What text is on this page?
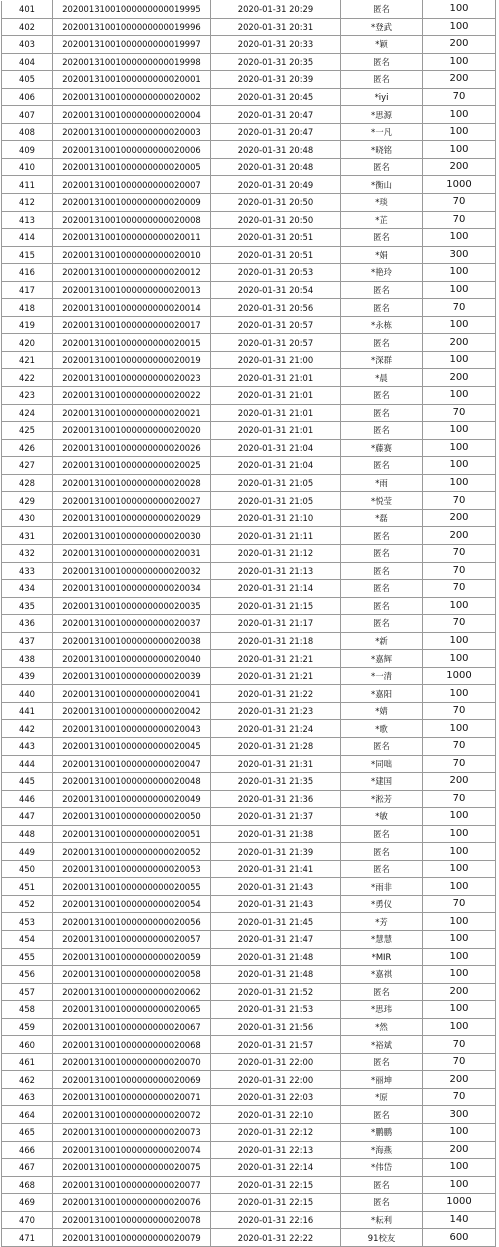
401	20200131001000000000019995	2020-01-31 20:29	匿名	100
402	20200131001000000000019996	2020-01-31 20:31	*登武	100
403	20200131001000000000019997	2020-01-31 20:33	*颖	200
404	20200131001000000000019998	2020-01-31 20:35	匿名	100
405	20200131001000000000020001	2020-01-31 20:39	匿名	200
406	20200131001000000000020002	2020-01-31 20:45	*iyi	70
407	20200131001000000000020004	2020-01-31 20:47	*思源	100
408	20200131001000000000020003	2020-01-31 20:47	*一凡	100
409	20200131001000000000020006	2020-01-31 20:48	*晓铭	100
410	20200131001000000000020005	2020-01-31 20:48	匿名	200
411	20200131001000000000020007	2020-01-31 20:49	*衡山	1000
412	20200131001000000000020009	2020-01-31 20:50	*琰	70
413	20200131001000000000020008	2020-01-31 20:50	*芷	70
414	20200131001000000000020011	2020-01-31 20:51	匿名	100
415	20200131001000000000020010	2020-01-31 20:51	*娟	300
416	20200131001000000000020012	2020-01-31 20:53	*艳玲	100
417	20200131001000000000020013	2020-01-31 20:54	匿名	100
418	20200131001000000000020014	2020-01-31 20:56	匿名	70
419	20200131001000000000020017	2020-01-31 20:57	*永栋	100
420	20200131001000000000020015	2020-01-31 20:57	匿名	200
421	20200131001000000000020019	2020-01-31 21:00	*深群	100
422	20200131001000000000020023	2020-01-31 21:01	*晨	200
423	20200131001000000000020022	2020-01-31 21:01	匿名	100
424	20200131001000000000020021	2020-01-31 21:01	匿名	70
425	20200131001000000000020020	2020-01-31 21:01	匿名	100
426	20200131001000000000020026	2020-01-31 21:04	*藤赛	100
427	20200131001000000000020025	2020-01-31 21:04	匿名	100
428	20200131001000000000020028	2020-01-31 21:05	*雨	100
429	20200131001000000000020027	2020-01-31 21:05	*悦莹	70
430	20200131001000000000020029	2020-01-31 21:10	*磊	200
431	20200131001000000000020030	2020-01-31 21:11	匿名	200
432	20200131001000000000020031	2020-01-31 21:12	匿名	70
433	20200131001000000000020032	2020-01-31 21:13	匿名	70
434	20200131001000000000020034	2020-01-31 21:14	匿名	70
435	20200131001000000000020035	2020-01-31 21:15	匿名	100
436	20200131001000000000020037	2020-01-31 21:17	匿名	70
437	20200131001000000000020038	2020-01-31 21:18	*新	100
438	20200131001000000000020040	2020-01-31 21:21	*嘉辉	100
439	20200131001000000000020039	2020-01-31 21:21	*一清	1000
440	20200131001000000000020041	2020-01-31 21:22	*嘉阳	100
441	20200131001000000000020042	2020-01-31 21:23	*婧	70
442	20200131001000000000020043	2020-01-31 21:24	*歌	100
443	20200131001000000000020045	2020-01-31 21:28	匿名	70
444	20200131001000000000020047	2020-01-31 21:31	*同咄	70
445	20200131001000000000020048	2020-01-31 21:35	*建国	200
446	20200131001000000000020049	2020-01-31 21:36	*淞芳	70
447	20200131001000000000020050	2020-01-31 21:37	*敏	100
448	20200131001000000000020051	2020-01-31 21:38	匿名	100
449	20200131001000000000020052	2020-01-31 21:39	匿名	100
450	20200131001000000000020053	2020-01-31 21:41	匿名	100
451	20200131001000000000020055	2020-01-31 21:43	*雨非	100
452	20200131001000000000020054	2020-01-31 21:43	*勇仪	70
453	20200131001000000000020056	2020-01-31 21:45	*芳	100
454	20200131001000000000020057	2020-01-31 21:47	*慧慧	100
455	20200131001000000000020059	2020-01-31 21:48	*MIR	100
456	20200131001000000000020058	2020-01-31 21:48	*嘉祺	100
457	20200131001000000000020062	2020-01-31 21:52	匿名	200
458	20200131001000000000020065	2020-01-31 21:53	*思玮	100
459	20200131001000000000020067	2020-01-31 21:56	*然	100
460	20200131001000000000020068	2020-01-31 21:57	*裕斌	70
461	20200131001000000000020070	2020-01-31 22:00	匿名	70
462	20200131001000000000020069	2020-01-31 22:00	*丽坤	200
463	20200131001000000000020071	2020-01-31 22:03	*原	70
464	20200131001000000000020072	2020-01-31 22:10	匿名	300
465	20200131001000000000020073	2020-01-31 22:12	*鹏鹏	100
466	20200131001000000000020074	2020-01-31 22:13	*海燕	200
467	20200131001000000000020075	2020-01-31 22:14	*伟岱	100
468	20200131001000000000020077	2020-01-31 22:15	匿名	100
469	20200131001000000000020076	2020-01-31 22:15	匿名	1000
470	20200131001000000000020078	2020-01-31 22:16	*耘利	140
471	20200131001000000000020079	2020-01-31 22:22	91校友	600
